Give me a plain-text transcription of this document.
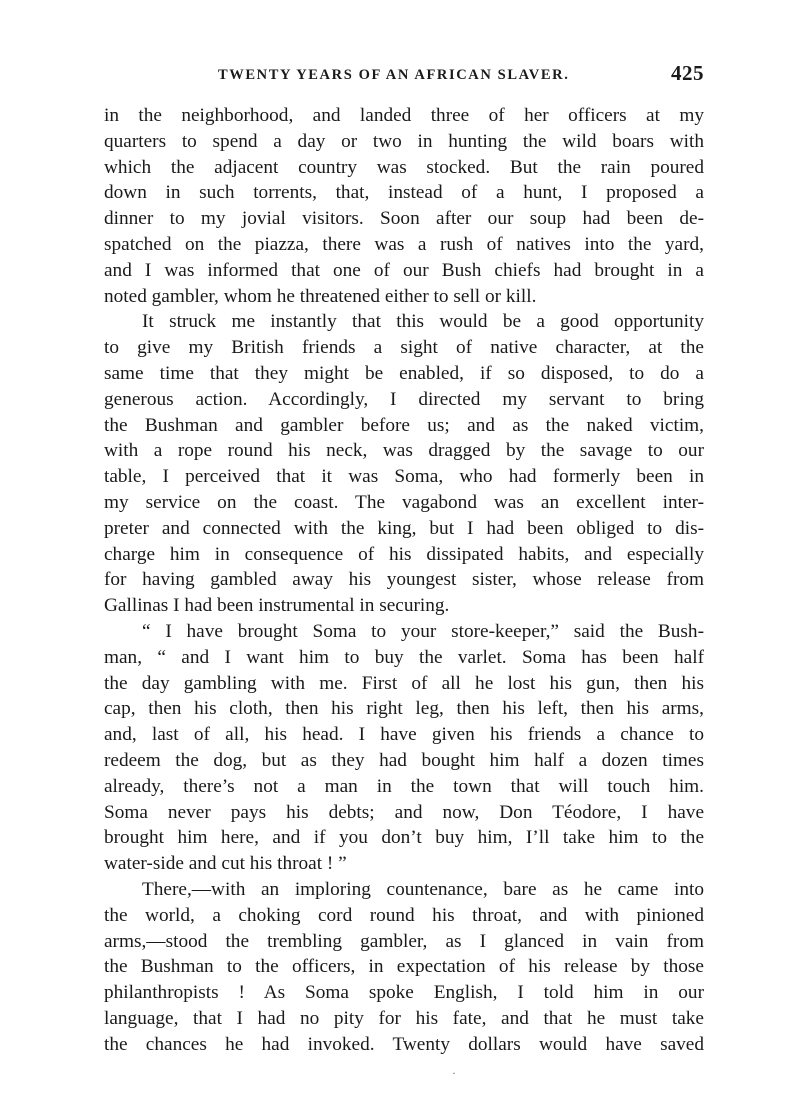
TWENTY YEARS OF AN AFRICAN SLAVER.	425
in the neighborhood, and landed three of her officers at my
quarters to spend a day or two in hunting the wild boars with
which the adjacent country was stocked. But the rain poured
down in such torrents, that, instead of a hunt, I proposed a
dinner to my jovial visitors. Soon after our soup had been de-
spatched on the piazza, there was a rush of natives into the yard,
and I was informed that one of our Bush chiefs had brought in a
noted gambler, whom he threatened either to sell or kill.
It struck me instantly that this would be a good opportunity
to give my British friends a sight of native character, at the
same time that they might be enabled, if so disposed, to do a
generous action. Accordingly, I directed my servant to bring
the Bushman and gambler before us; and as the naked victim,
with a rope round his neck, was dragged by the savage to our
table, I perceived that it was Soma, who had formerly been in
my service on the coast. The vagabond was an excellent inter-
preter and connected with the king, but I had been obliged to dis-
charge him in consequence of his dissipated habits, and especially
for having gambled away his youngest sister, whose release from
Gallinas I had been instrumental in securing.
“ I have brought Soma to your store-keeper,” said the Bush-
man, “ and I want him to buy the varlet. Soma has been half
the day gambling with me. First of all he lost his gun, then his
cap, then his cloth, then his right leg, then his left, then his arms,
and, last of all, his head. I have given his friends a chance to
redeem the dog, but as they had bought him half a dozen times
already, there’s not a man in the town that will touch him.
Soma never pays his debts; and now, Don Téodore, I have
brought him here, and if you don’t buy him, I’ll take him to the
water-side and cut his throat ! ”
There,—with an imploring countenance, bare as he came into
the world, a choking cord round his throat, and with pinioned
arms,—stood the trembling gambler, as I glanced in vain from
the Bushman to the officers, in expectation of his release by those
philanthropists ! As Soma spoke English, I told him in our
language, that I had no pity for his fate, and that he must take
the chances he had invoked. Twenty dollars would have saved
·
